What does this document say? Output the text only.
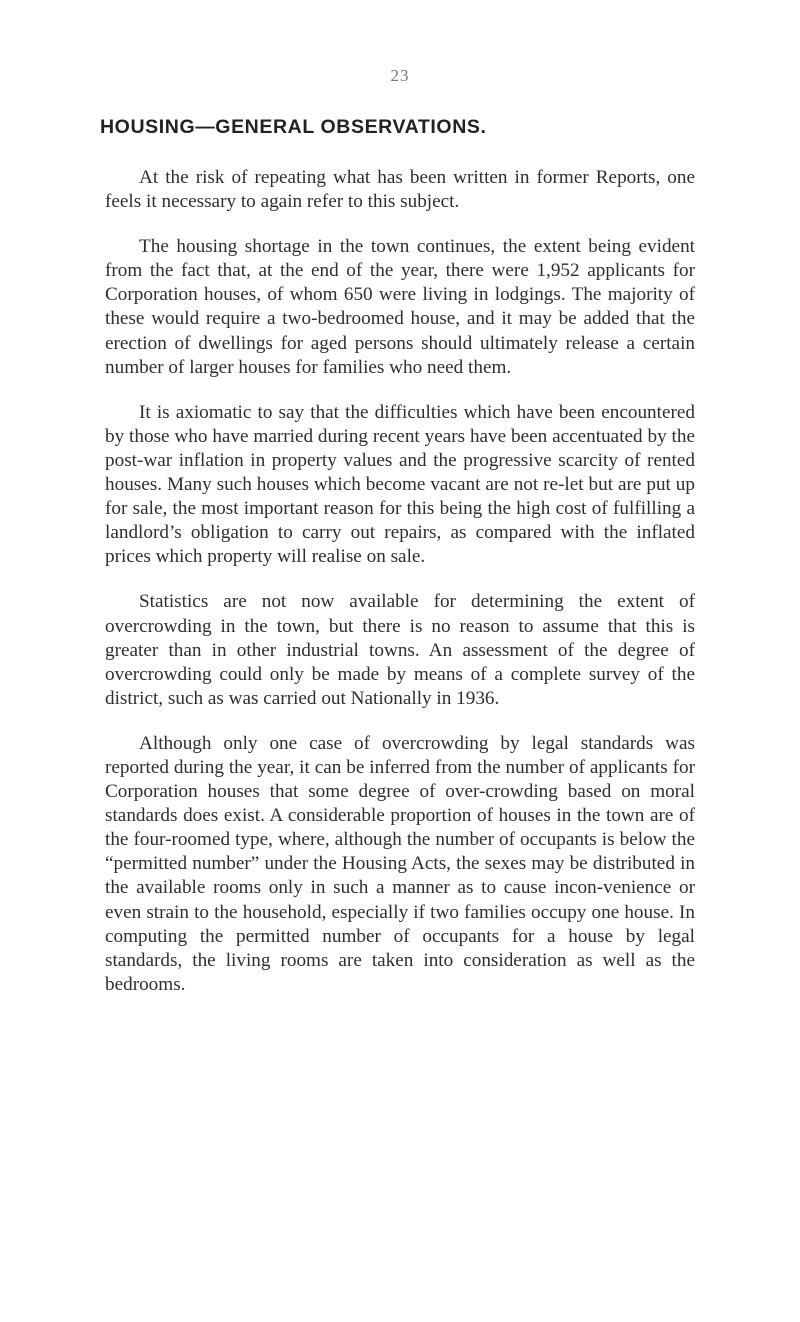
23
HOUSING—GENERAL OBSERVATIONS.

At the risk of repeating what has been written in former Reports, one feels it necessary to again refer to this subject.

The housing shortage in the town continues, the extent being evident from the fact that, at the end of the year, there were 1,952 applicants for Corporation houses, of whom 650 were living in lodgings. The majority of these would require a two-bedroomed house, and it may be added that the erection of dwellings for aged persons should ultimately release a certain number of larger houses for families who need them.

It is axiomatic to say that the difficulties which have been encountered by those who have married during recent years have been accentuated by the post-war inflation in property values and the progressive scarcity of rented houses. Many such houses which become vacant are not re-let but are put up for sale, the most important reason for this being the high cost of fulfilling a landlord’s obligation to carry out repairs, as compared with the inflated prices which property will realise on sale.

Statistics are not now available for determining the extent of overcrowding in the town, but there is no reason to assume that this is greater than in other industrial towns. An assessment of the degree of overcrowding could only be made by means of a complete survey of the district, such as was carried out Nationally in 1936.

Although only one case of overcrowding by legal standards was reported during the year, it can be inferred from the number of applicants for Corporation houses that some degree of over-crowding based on moral standards does exist. A considerable proportion of houses in the town are of the four-roomed type, where, although the number of occupants is below the “permitted number” under the Housing Acts, the sexes may be distributed in the available rooms only in such a manner as to cause incon-venience or even strain to the household, especially if two families occupy one house. In computing the permitted number of occupants for a house by legal standards, the living rooms are taken into consideration as well as the bedrooms.
